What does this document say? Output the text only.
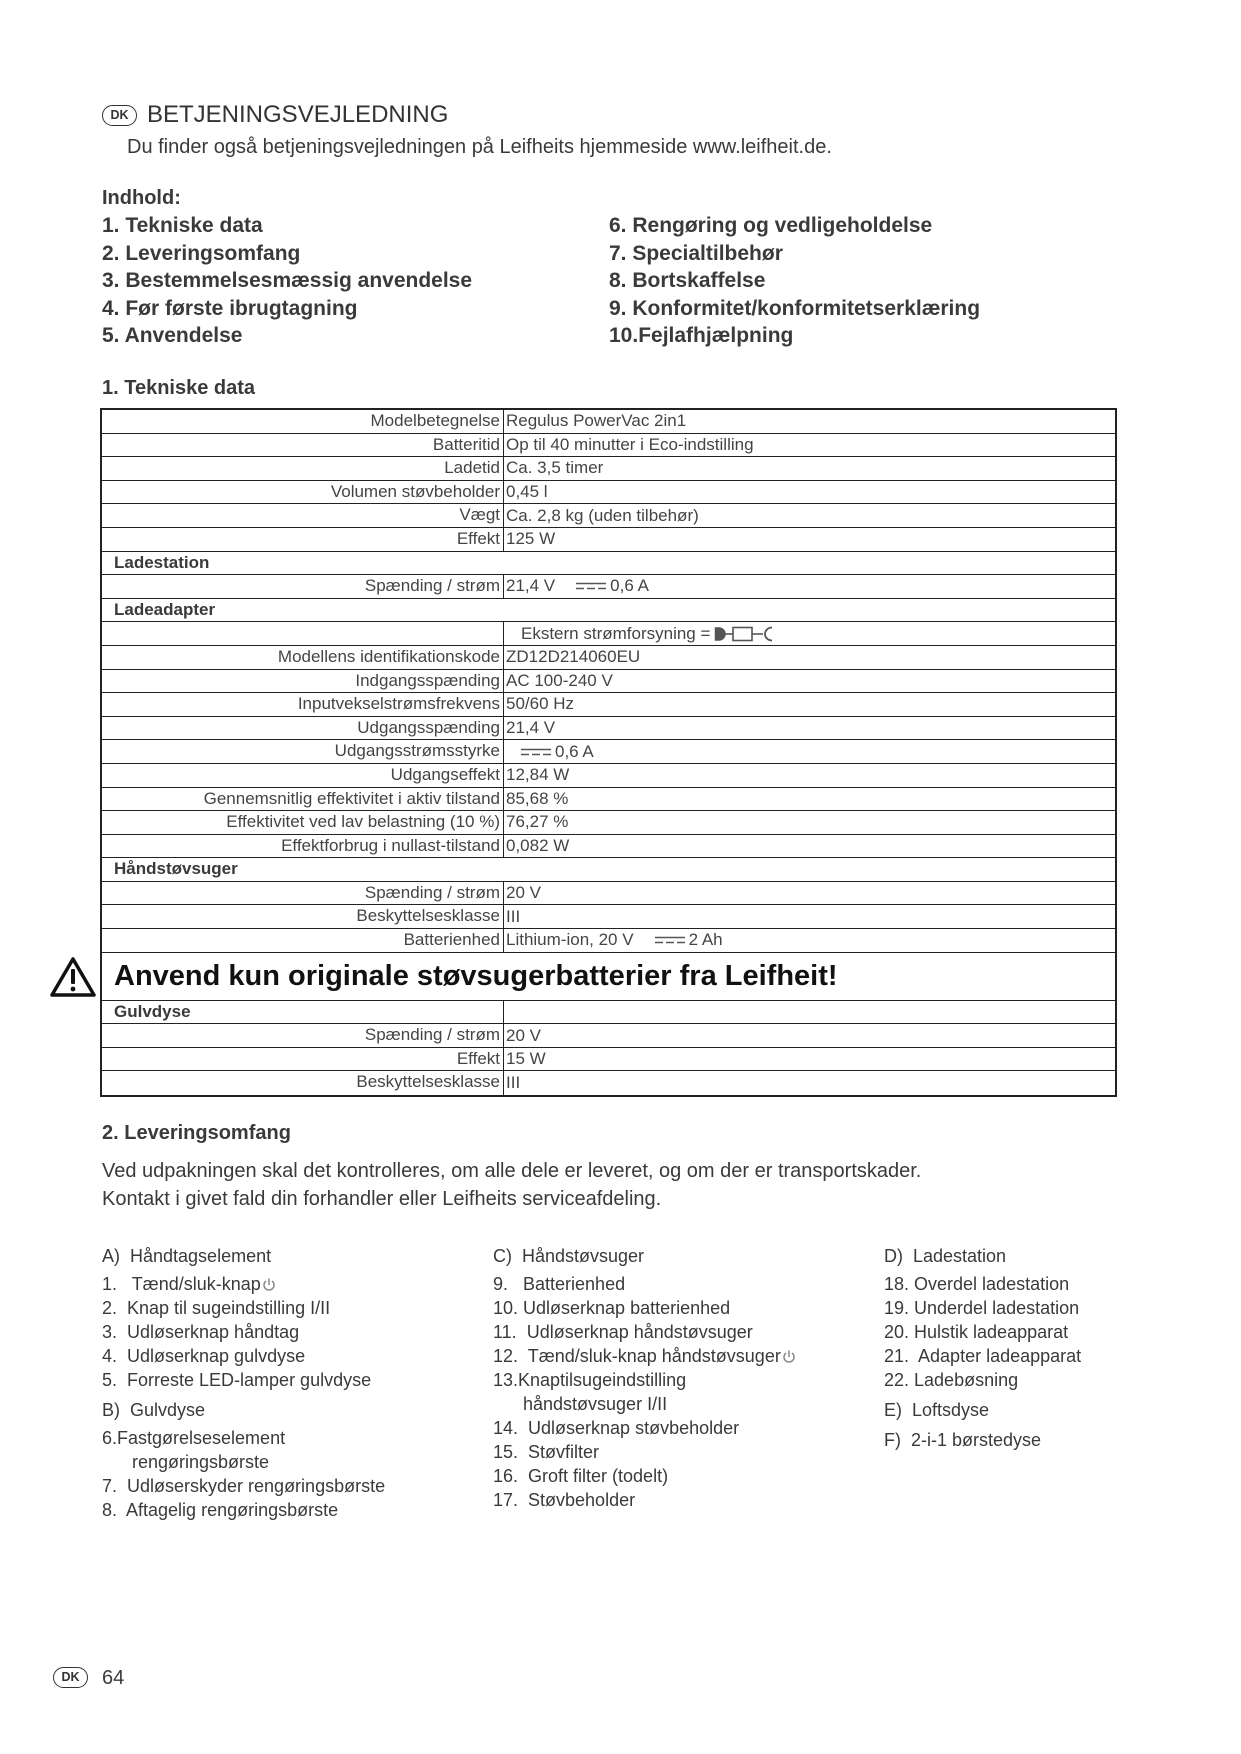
DK BETJENINGSVEJLEDNING
Du finder også betjeningsvejledningen på Leifheits hjemmeside www.leifheit.de.
Indhold:
1. Tekniske data
2. Leveringsomfang
3. Bestemmelsesmæssig anvendelse
4. Før første ibrugtagning
5. Anvendelse
6. Rengøring og vedligeholdelse
7. Specialtilbehør
8. Bortskaffelse
9. Konformitet/konformitetserklæring
10.Fejlafhjælpning
1. Tekniske data
Modelbetegnelse Regulus PowerVac 2in1
Batteritid Op til 40 minutter i Eco-indstilling
Ladetid Ca. 3,5 timer
Volumen støvbeholder 0,45 l
Vægt Ca. 2,8 kg (uden tilbehør)
Effekt 125 W
Ladestation
Spænding / strøm 21,4 V	0,6 A
Ladeadapter
Ekstern strømforsyning =
Modellens identifikationskode ZD12D214060EU
Indgangsspænding AC 100-240 V
Inputvekselstrømsfrekvens 50/60 Hz
Udgangsspænding 21,4 V
Udgangsstrømsstyrke	0,6 A
Udgangseffekt 12,84 W
Gennemsnitlig effektivitet i aktiv tilstand 85,68 %
Effektivitet ved lav belastning (10 %) 76,27 %
Effektforbrug i nullast-tilstand 0,082 W
Håndstøvsuger
Spænding / strøm 20 V
Beskyttelsesklasse III
Batterienhed Lithium-ion, 20 V	2 Ah
Anvend kun originale støvsugerbatterier fra Leifheit!
Gulvdyse
Spænding / strøm 20 V
Effekt 15 W
Beskyttelsesklasse III
2. Leveringsomfang
Ved udpakningen skal det kontrolleres, om alle dele er leveret, og om der er transportskader.
Kontakt i givet fald din forhandler eller Leifheits serviceafdeling.
A)  Håndtagselement
1.   Tænd/sluk-knap
2.  Knap til sugeindstilling I/II
3.  Udløserknap håndtag
4.  Udløserknap gulvdyse
5.  Forreste LED-lamper gulvdyse
B)  Gulvdyse
6.Fastgørelseselement
rengøringsbørste
7.  Udløserskyder rengøringsbørste
8.  Aftagelig rengøringsbørste
C)  Håndstøvsuger
9.   Batterienhed
10. Udløserknap batterienhed
11.  Udløserknap håndstøvsuger
12.  Tænd/sluk-knap håndstøvsuger
13.Knaptilsugeindstilling
håndstøvsuger I/II
14.  Udløserknap støvbeholder
15.  Støvfilter
16.  Groft filter (todelt)
17.  Støvbeholder
D)  Ladestation
18. Overdel ladestation
19. Underdel ladestation
20. Hulstik ladeapparat
21.  Adapter ladeapparat
22. Ladebøsning
E)  Loftsdyse
F)  2-i-1 børstedyse
DK	64
